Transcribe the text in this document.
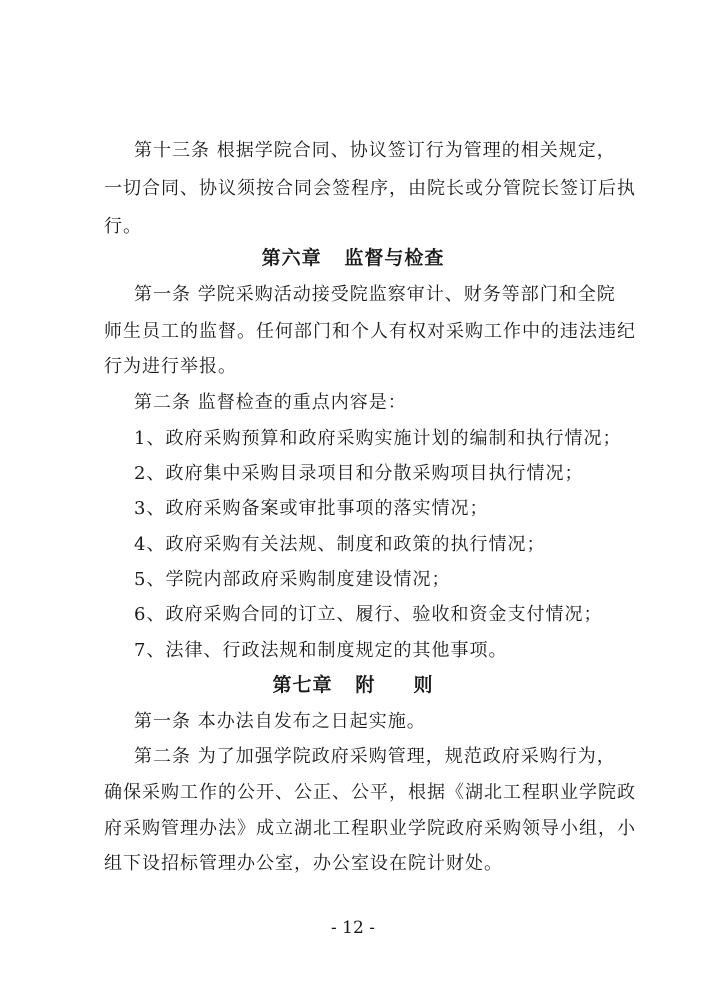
第十三条 根据学院合同、协议签订行为管理的相关规定，
一切合同、协议须按合同会签程序，由院长或分管院长签订后执
行。
第六章   监督与检查
第一条 学院采购活动接受院监察审计、财务等部门和全院
师生员工的监督。任何部门和个人有权对采购工作中的违法违纪
行为进行举报。
第二条 监督检查的重点内容是：
1、政府采购预算和政府采购实施计划的编制和执行情况；
2、政府集中采购目录项目和分散采购项目执行情况；
3、政府采购备案或审批事项的落实情况；
4、政府采购有关法规、制度和政策的执行情况；
5、学院内部政府采购制度建设情况；
6、政府采购合同的订立、履行、验收和资金支付情况；
7、法律、行政法规和制度规定的其他事项。
第七章   附     则
第一条 本办法自发布之日起实施。
第二条 为了加强学院政府采购管理，规范政府采购行为，
确保采购工作的公开、公正、公平，根据《湖北工程职业学院政
府采购管理办法》成立湖北工程职业学院政府采购领导小组，小
组下设招标管理办公室，办公室设在院计财处。
- 12 -
